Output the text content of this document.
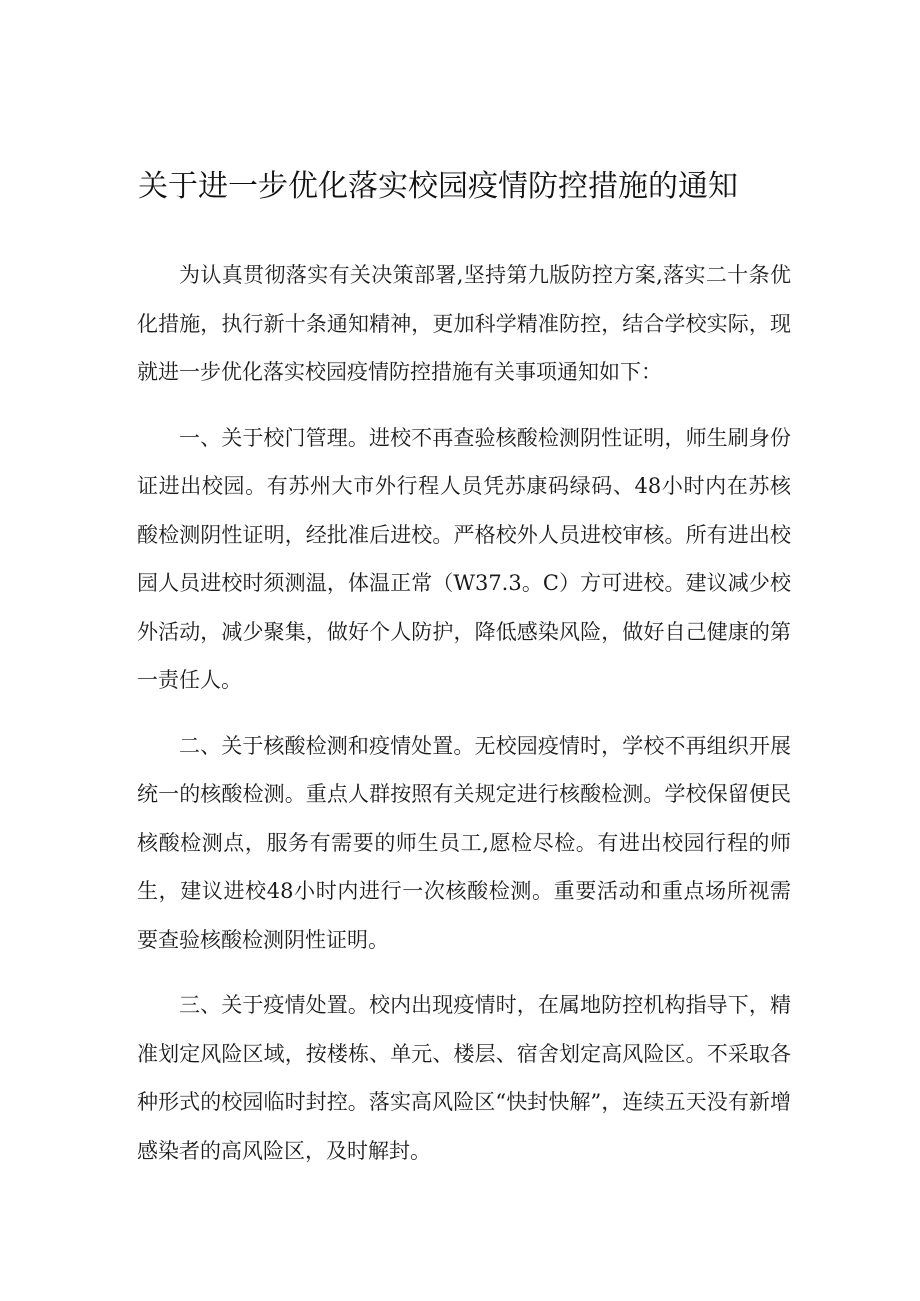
关于进一步优化落实校园疫情防控措施的通知

为认真贯彻落实有关决策部署,坚持第九版防控方案,落实二十条优化措施，执行新十条通知精神，更加科学精准防控，结合学校实际，现就进一步优化落实校园疫情防控措施有关事项通知如下：

一、关于校门管理。进校不再查验核酸检测阴性证明，师生刷身份证进出校园。有苏州大市外行程人员凭苏康码绿码、48小时内在苏核酸检测阴性证明，经批准后进校。严格校外人员进校审核。所有进出校园人员进校时须测温，体温正常（W37.3。C）方可进校。建议减少校外活动，减少聚集，做好个人防护，降低感染风险，做好自己健康的第一责任人。

二、关于核酸检测和疫情处置。无校园疫情时，学校不再组织开展统一的核酸检测。重点人群按照有关规定进行核酸检测。学校保留便民核酸检测点，服务有需要的师生员工,愿检尽检。有进出校园行程的师生，建议进校48小时内进行一次核酸检测。重要活动和重点场所视需要查验核酸检测阴性证明。

三、关于疫情处置。校内出现疫情时，在属地防控机构指导下，精准划定风险区域，按楼栋、单元、楼层、宿舍划定高风险区。不采取各种形式的校园临时封控。落实高风险区“快封快解”，连续五天没有新增感染者的高风险区，及时解封。
